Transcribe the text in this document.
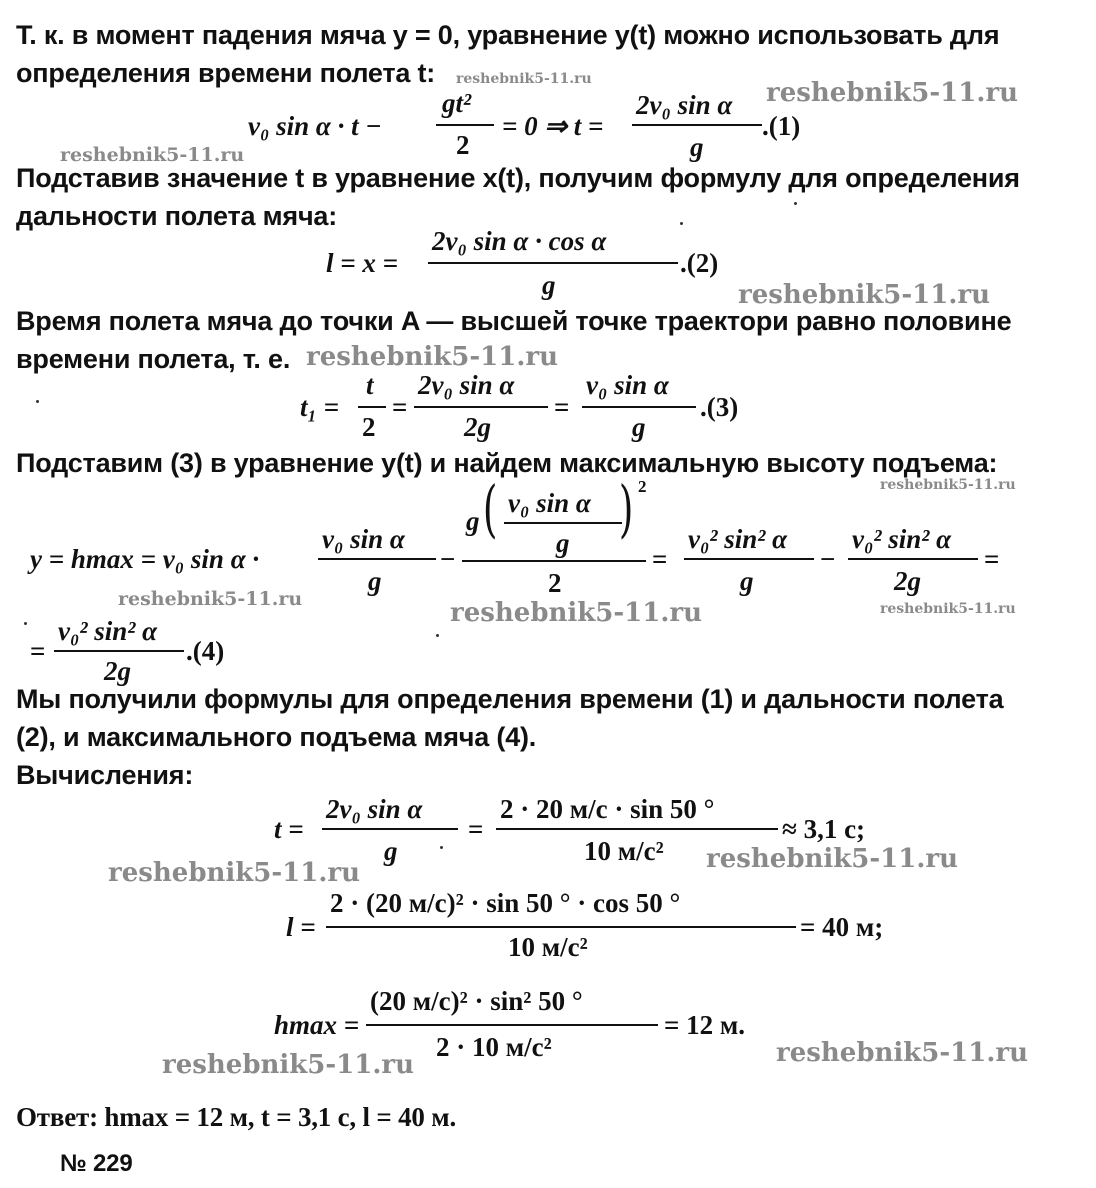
Т. к. в момент падения мяча y = 0, уравнение y(t) можно использовать для
определения времени полета t:
v₀ sin α · t −
gt²
2
= 0 ⇒ t =
2v₀ sin α
g
.(1)
Подставив значение t в уравнение x(t), получим формулу для определения
дальности полета мяча:
l = x =
2v₀ sin α · cos α
g
.(2)
Время полета мяча до точки A — высшей точке траектори равно половине
времени полета, т. е.
t₁ =
t
2
=
2v₀ sin α
2g
=
v₀ sin α
g
.(3)
Подставим (3) в уравнение y(t) и найдем максимальную высоту подъема:
y = hmax = v₀ sin α ·
v₀ sin α
g
−
g ( v₀ sin α
g ) 2
2
=
v₀² sin² α
g
−
v₀² sin² α
2g
=
=
v₀² sin² α
2g
.(4)
Мы получили формулы для определения времени (1) и дальности полета
(2), и максимального подъема мяча (4).
Вычисления:
t =
2v₀ sin α
g
=
2 · 20 м/с · sin 50 °
10 м/с²
≈ 3,1 с;
l =
2 · (20 м/с)² · sin 50 ° · cos 50 °
10 м/с²
= 40 м;
hmax =
(20 м/с)² · sin² 50 °
2 · 10 м/с²
= 12 м.
Ответ: hmax = 12 м, t = 3,1 с, l = 40 м.
№ 229
reshebnik5-11.ru	reshebnik5-11.ru
reshebnik5-11.ru
reshebnik5-11.ru
reshebnik5-11.ru
reshebnik5-11.ru
reshebnik5-11.ru	reshebnik5-11.ru	reshebnik5-11.ru
reshebnik5-11.ru	reshebnik5-11.ru
reshebnik5-11.ru	reshebnik5-11.ru
